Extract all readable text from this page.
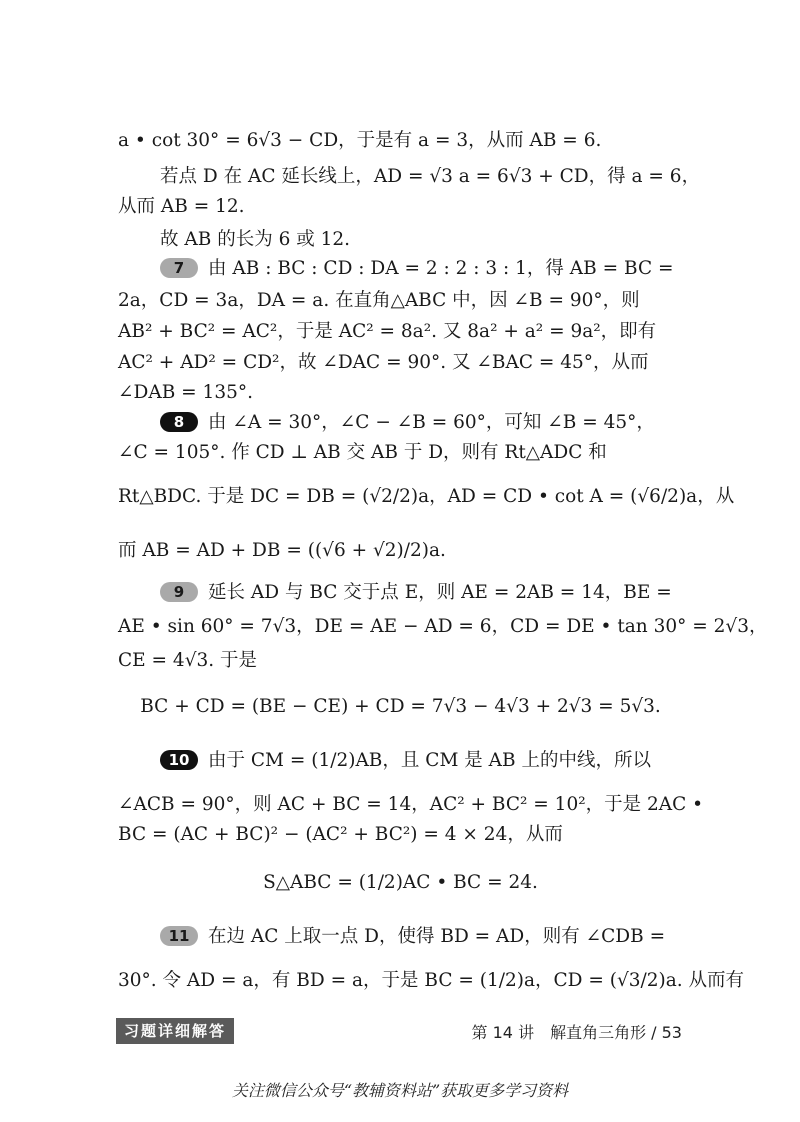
a • cot 30° = 6√3 − CD，于是有 a = 3，从而 AB = 6.
若点 D 在 AC 延长线上，AD = √3 a = 6√3 + CD，得 a = 6，
从而 AB = 12.
故 AB 的长为 6 或 12.
7 由 AB : BC : CD : DA = 2 : 2 : 3 : 1，得 AB = BC =
2a，CD = 3a，DA = a. 在直角△ABC 中，因 ∠B = 90°，则
AB² + BC² = AC²，于是 AC² = 8a². 又 8a² + a² = 9a²，即有
AC² + AD² = CD²，故 ∠DAC = 90°. 又 ∠BAC = 45°，从而
∠DAB = 135°.
8 由 ∠A = 30°，∠C − ∠B = 60°，可知 ∠B = 45°，
∠C = 105°. 作 CD ⊥ AB 交 AB 于 D，则有 Rt△ADC 和
Rt△BDC. 于是 DC = DB = (√2/2)a，AD = CD • cot A = (√6/2)a，从
而 AB = AD + DB = ((√6 + √2)/2)a.
9 延长 AD 与 BC 交于点 E，则 AE = 2AB = 14，BE =
AE • sin 60° = 7√3，DE = AE − AD = 6，CD = DE • tan 30° = 2√3，
CE = 4√3. 于是
BC + CD = (BE − CE) + CD = 7√3 − 4√3 + 2√3 = 5√3.
10 由于 CM = (1/2)AB，且 CM 是 AB 上的中线，所以
∠ACB = 90°，则 AC + BC = 14，AC² + BC² = 10²，于是 2AC •
BC = (AC + BC)² − (AC² + BC²) = 4 × 24，从而
S△ABC = (1/2)AC • BC = 24.
11 在边 AC 上取一点 D，使得 BD = AD，则有 ∠CDB =
30°. 令 AD = a，有 BD = a，于是 BC = (1/2)a，CD = (√3/2)a. 从而有
习题详细解答	第 14 讲　解直角三角形 / 53
关注微信公众号“教辅资料站”获取更多学习资料
